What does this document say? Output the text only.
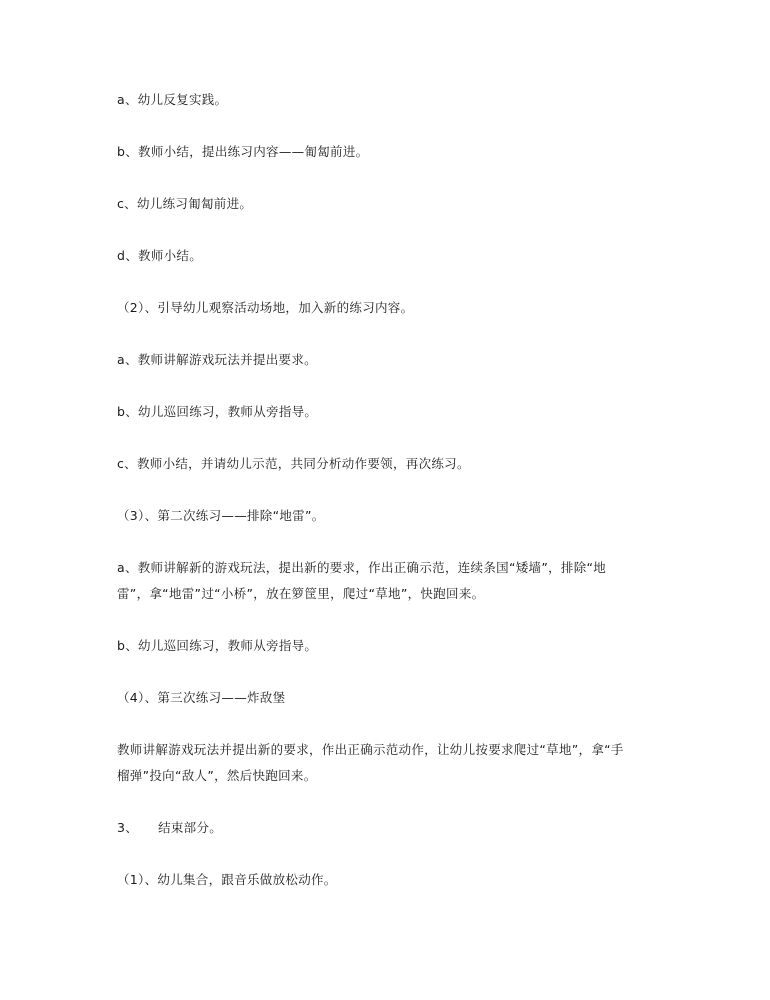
a、幼儿反复实践。
b、教师小结，提出练习内容——匍匐前进。
c、幼儿练习匍匐前进。
d、教师小结。
（2）、引导幼儿观察活动场地，加入新的练习内容。
a、教师讲解游戏玩法并提出要求。
b、幼儿巡回练习，教师从旁指导。
c、教师小结，并请幼儿示范，共同分析动作要领，再次练习。
（3）、第二次练习——排除“地雷”。
a、教师讲解新的游戏玩法，提出新的要求，作出正确示范，连续条国“矮墙”，排除“地
雷”，拿“地雷”过“小桥”，放在箩筐里，爬过“草地”，快跑回来。
b、幼儿巡回练习，教师从旁指导。
（4）、第三次练习——炸敌堡
教师讲解游戏玩法并提出新的要求，作出正确示范动作，让幼儿按要求爬过“草地”，拿“手
榴弹”投向“敌人”，然后快跑回来。
3、 结束部分。
（1）、幼儿集合，跟音乐做放松动作。
